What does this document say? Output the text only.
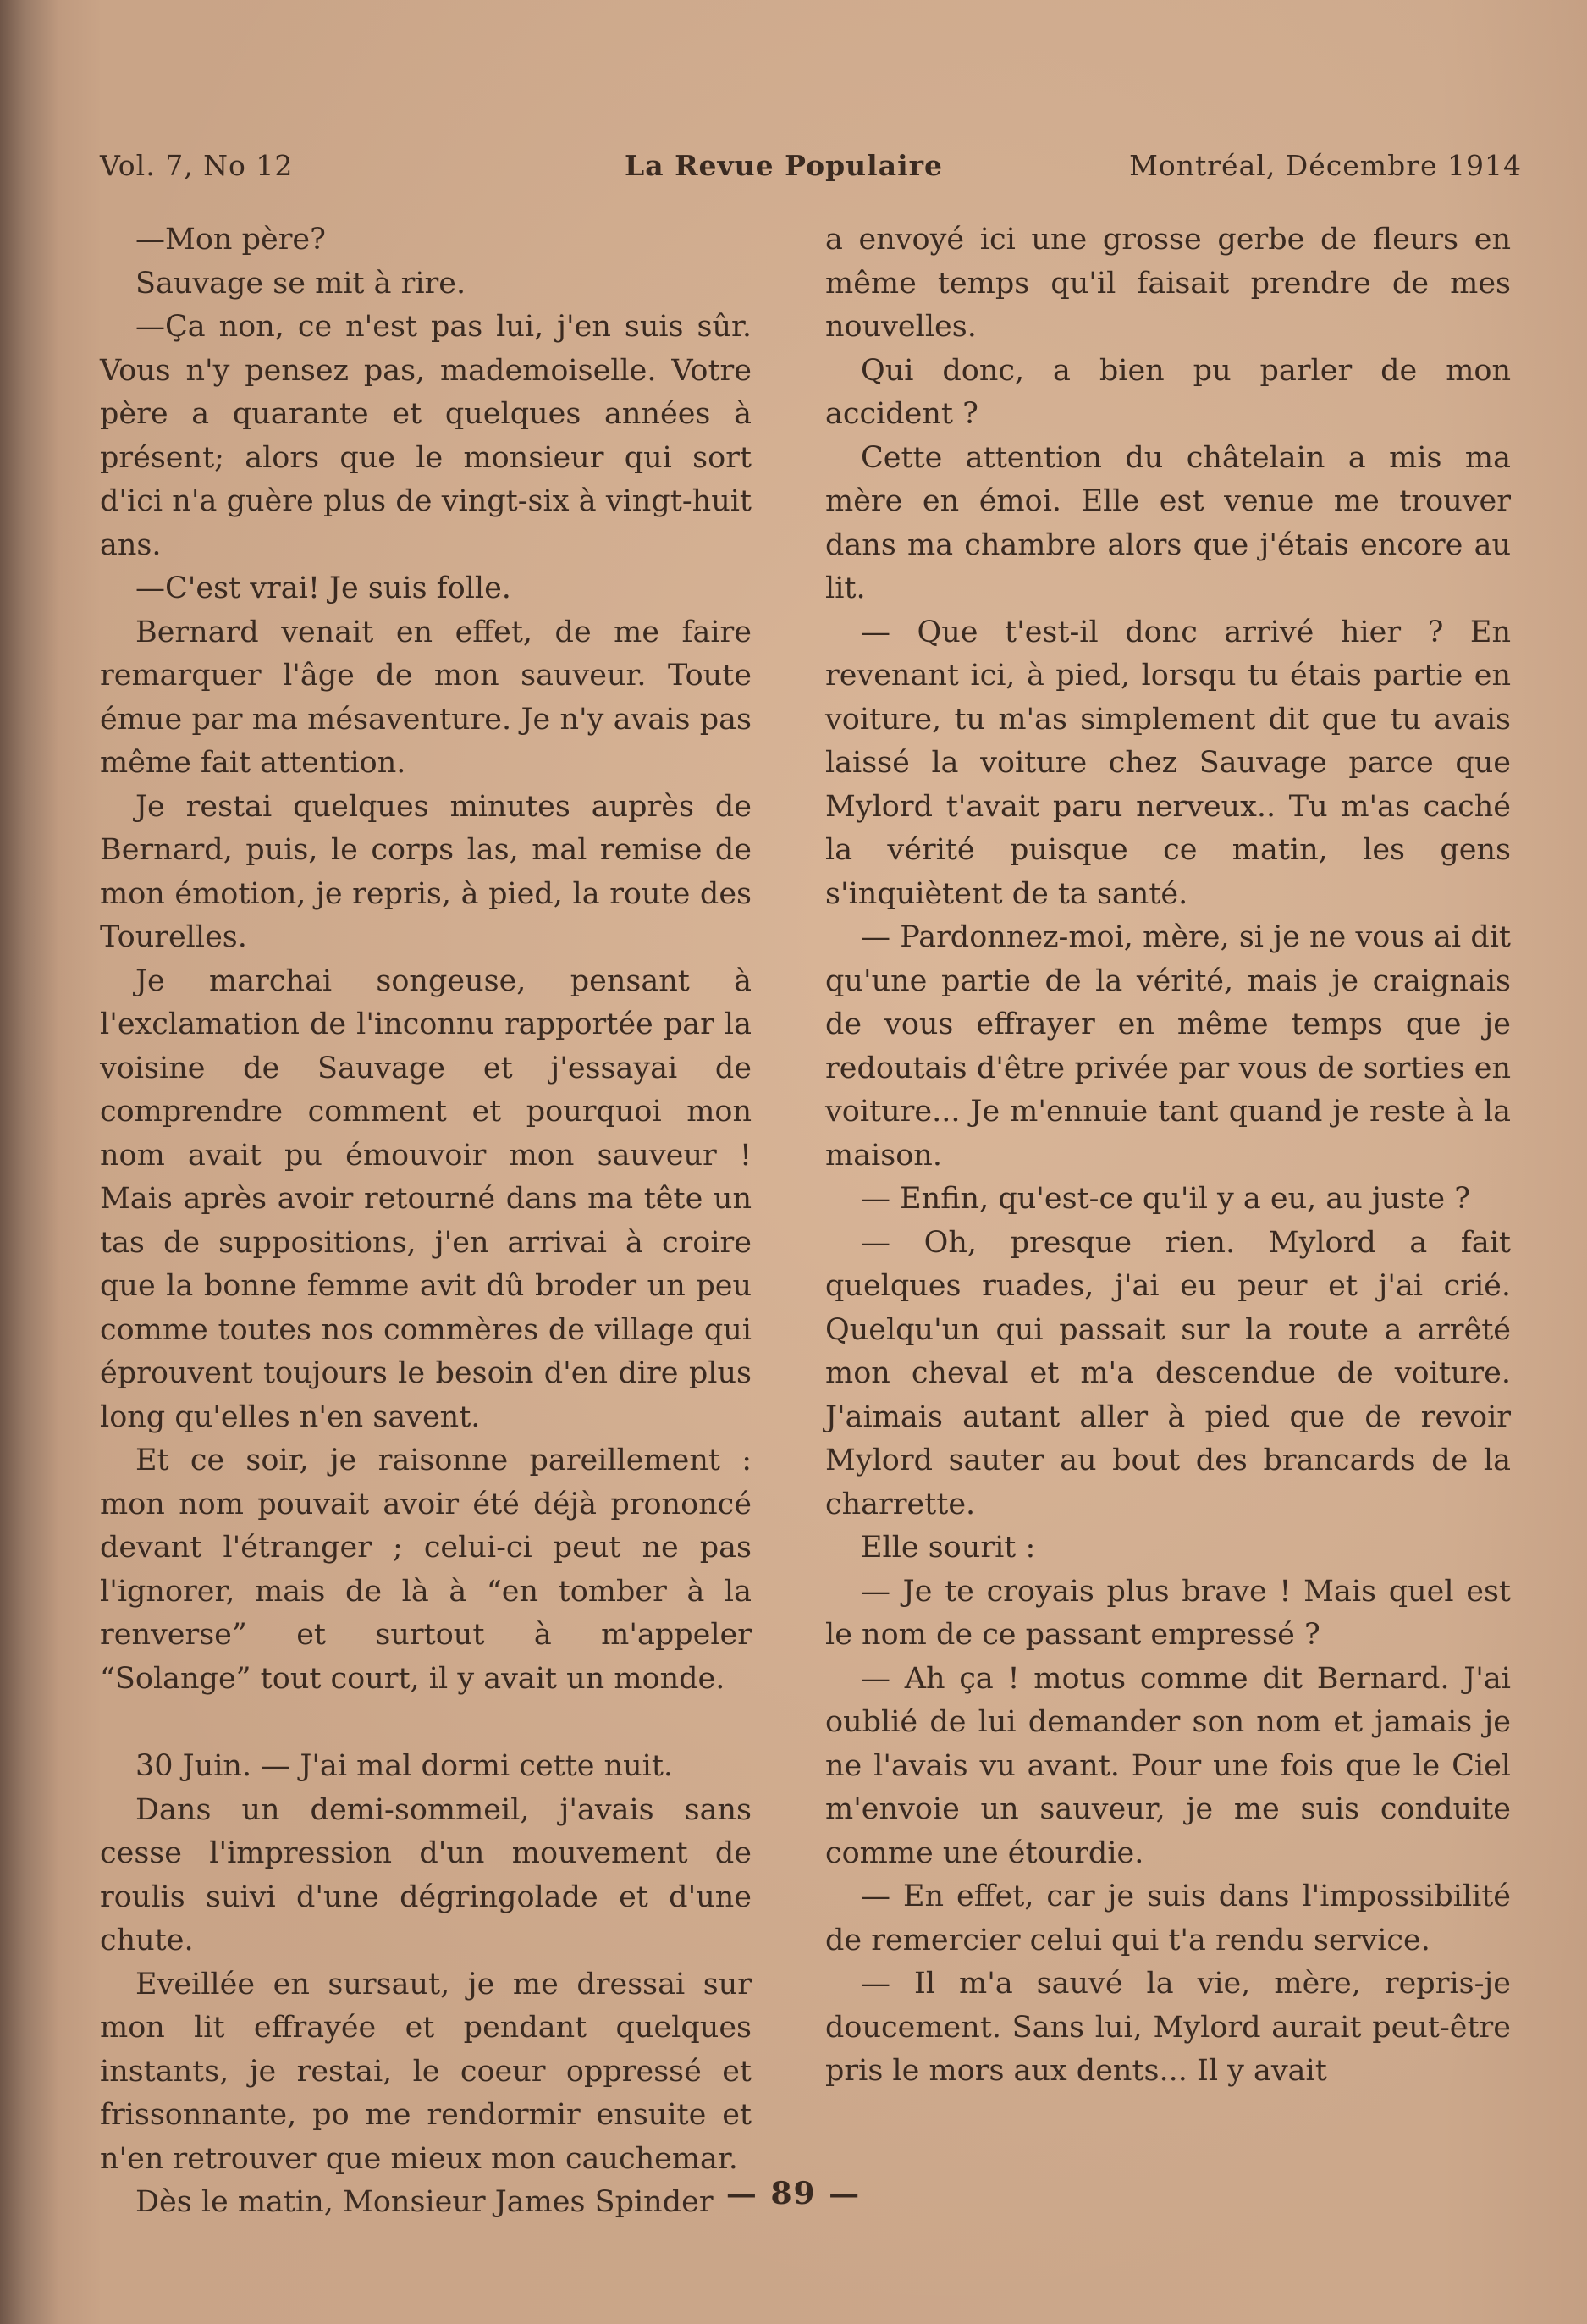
Vol. 7, No 12	La Revue Populaire	Montréal, Décembre 1914

—Mon père?

Sauvage se mit à rire.

—Ça non, ce n'est pas lui, j'en suis sûr. Vous n'y pensez pas, mademoiselle. Votre père a quarante et quelques années à présent; alors que le monsieur qui sort d'ici n'a guère plus de vingt-six à vingt-huit ans.

—C'est vrai! Je suis folle.

Bernard venait en effet, de me faire remarquer l'âge de mon sauveur. Toute émue par ma mésaventure. Je n'y avais pas même fait attention.

Je restai quelques minutes auprès de Bernard, puis, le corps las, mal remise de mon émotion, je repris, à pied, la route des Tourelles.

Je marchai songeuse, pensant à l'exclamation de l'inconnu rapportée par la voisine de Sauvage et j'essayai de comprendre comment et pourquoi mon nom avait pu émouvoir mon sauveur ! Mais après avoir retourné dans ma tête un tas de suppositions, j'en arrivai à croire que la bonne femme avit dû broder un peu comme toutes nos commères de village qui éprouvent toujours le besoin d'en dire plus long qu'elles n'en savent.

Et ce soir, je raisonne pareillement : mon nom pouvait avoir été déjà prononcé devant l'étranger ; celui-ci peut ne pas l'ignorer, mais de là à “en tomber à la renverse” et surtout à m'appeler “Solange” tout court, il y avait un monde.

30 Juin. — J'ai mal dormi cette nuit.

Dans un demi-sommeil, j'avais sans cesse l'impression d'un mouvement de roulis suivi d'une dégringolade et d'une chute.

Eveillée en sursaut, je me dressai sur mon lit effrayée et pendant quelques instants, je restai, le coeur oppressé et frissonnante, po me rendormir ensuite et n'en retrouver que mieux mon cauchemar.

Dès le matin, Monsieur James Spinder

a envoyé ici une grosse gerbe de fleurs en même temps qu'il faisait prendre de mes nouvelles.

Qui donc, a bien pu parler de mon accident ?

Cette attention du châtelain a mis ma mère en émoi. Elle est venue me trouver dans ma chambre alors que j'étais encore au lit.

— Que t'est-il donc arrivé hier ? En revenant ici, à pied, lorsqu tu étais partie en voiture, tu m'as simplement dit que tu avais laissé la voiture chez Sauvage parce que Mylord t'avait paru nerveux.. Tu m'as caché la vérité puisque ce matin, les gens s'inquiètent de ta santé.

— Pardonnez-moi, mère, si je ne vous ai dit qu'une partie de la vérité, mais je craignais de vous effrayer en même temps que je redoutais d'être privée par vous de sorties en voiture... Je m'ennuie tant quand je reste à la maison.

— Enfin, qu'est-ce qu'il y a eu, au juste ?

— Oh, presque rien. Mylord a fait quelques ruades, j'ai eu peur et j'ai crié. Quelqu'un qui passait sur la route a arrêté mon cheval et m'a descendue de voiture. J'aimais autant aller à pied que de revoir Mylord sauter au bout des brancards de la charrette.

Elle sourit :

— Je te croyais plus brave ! Mais quel est le nom de ce passant empressé ?

— Ah ça ! motus comme dit Bernard. J'ai oublié de lui demander son nom et jamais je ne l'avais vu avant. Pour une fois que le Ciel m'envoie un sauveur, je me suis conduite comme une étourdie.

— En effet, car je suis dans l'impossibilité de remercier celui qui t'a rendu service.

— Il m'a sauvé la vie, mère, repris-je doucement. Sans lui, Mylord aurait peut-être pris le mors aux dents... Il y avait

— 89 —
